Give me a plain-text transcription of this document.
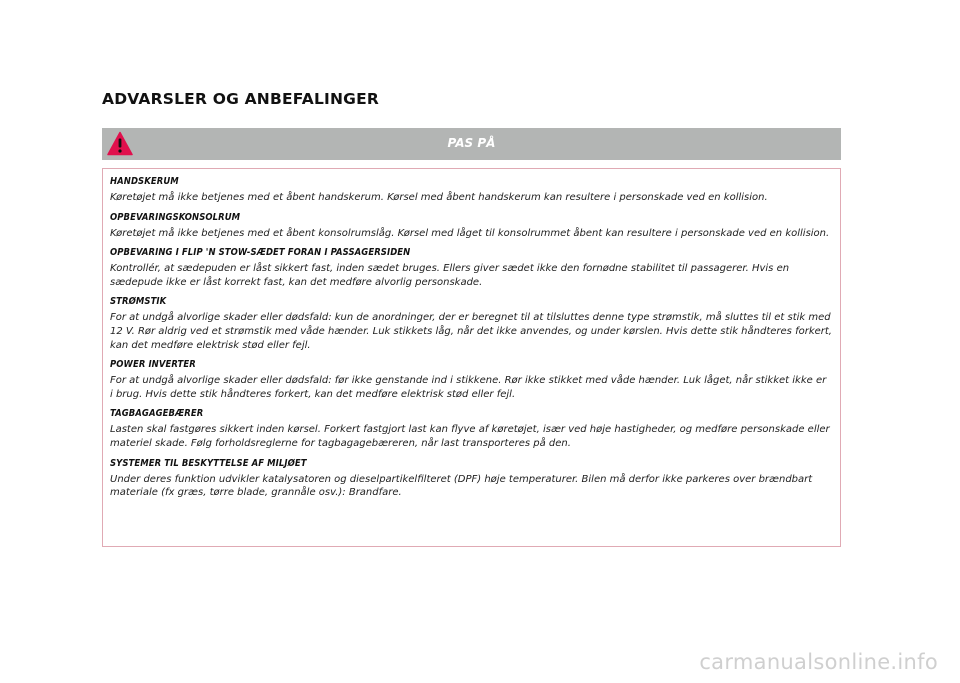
ADVARSLER OG ANBEFALINGER
PAS PÅ
HANDSKERUM
Køretøjet må ikke betjenes med et åbent handskerum. Kørsel med åbent handskerum kan resultere i personskade ved en kollision.
OPBEVARINGSKONSOLRUM
Køretøjet må ikke betjenes med et åbent konsolrumslåg. Kørsel med låget til konsolrummet åbent kan resultere i personskade ved en kollision.
OPBEVARING I FLIP 'N STOW-SÆDET FORAN I PASSAGERSIDEN
Kontrollér, at sædepuden er låst sikkert fast, inden sædet bruges. Ellers giver sædet ikke den fornødne stabilitet til passagerer. Hvis en sædepude ikke er låst korrekt fast, kan det medføre alvorlig personskade.
STRØMSTIK
For at undgå alvorlige skader eller dødsfald: kun de anordninger, der er beregnet til at tilsluttes denne type strømstik, må sluttes til et stik med 12 V. Rør aldrig ved et strømstik med våde hænder. Luk stikkets låg, når det ikke anvendes, og under kørslen. Hvis dette stik håndteres forkert, kan det medføre elektrisk stød eller fejl.
POWER INVERTER
For at undgå alvorlige skader eller dødsfald: før ikke genstande ind i stikkene. Rør ikke stikket med våde hænder. Luk låget, når stikket ikke er i brug. Hvis dette stik håndteres forkert, kan det medføre elektrisk stød eller fejl.
TAGBAGAGEBÆRER
Lasten skal fastgøres sikkert inden kørsel. Forkert fastgjort last kan flyve af køretøjet, især ved høje hastigheder, og medføre personskade eller materiel skade. Følg forholdsreglerne for tagbagagebæreren, når last transporteres på den.
SYSTEMER TIL BESKYTTELSE AF MILJØET
Under deres funktion udvikler katalysatoren og dieselpartikelfilteret (DPF) høje temperaturer. Bilen må derfor ikke parkeres over brændbart materiale (fx græs, tørre blade, grannåle osv.): Brandfare.
carmanualsonline.info
